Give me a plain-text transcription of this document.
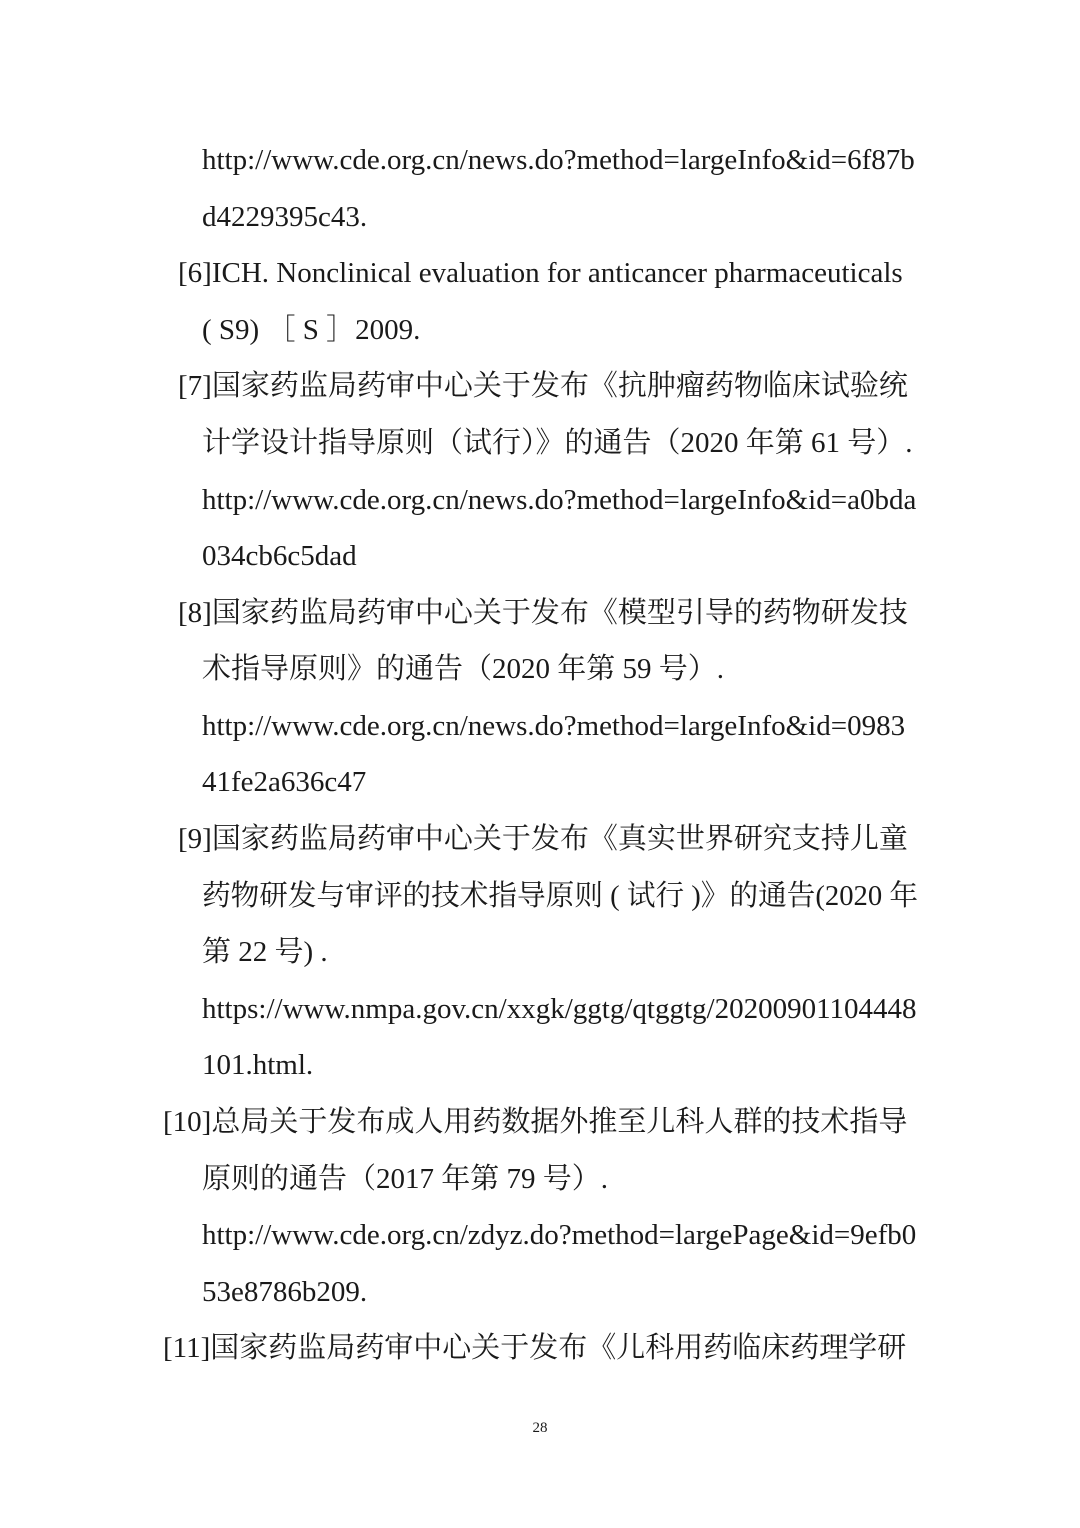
http://www.cde.org.cn/news.do?method=largeInfo&id=6f87b
d4229395c43.
[6]ICH. Nonclinical evaluation for anticancer pharmaceuticals
( S9) ［ S ］2009.
[7]国家药监局药审中心关于发布《抗肿瘤药物临床试验统
计学设计指导原则（试行）》的通告（2020 年第 61 号）.
http://www.cde.org.cn/news.do?method=largeInfo&id=a0bda
034cb6c5dad
[8]国家药监局药审中心关于发布《模型引导的药物研发技
术指导原则》的通告（2020 年第 59 号）.
http://www.cde.org.cn/news.do?method=largeInfo&id=0983
41fe2a636c47
[9]国家药监局药审中心关于发布《真实世界研究支持儿童
药物研发与审评的技术指导原则 ( 试行 )》的通告(2020 年
第 22 号) .
https://www.nmpa.gov.cn/xxgk/ggtg/qtggtg/20200901104448
101.html.
[10]总局关于发布成人用药数据外推至儿科人群的技术指导
原则的通告（2017 年第 79 号）.
http://www.cde.org.cn/zdyz.do?method=largePage&id=9efb0
53e8786b209.
[11]国家药监局药审中心关于发布《儿科用药临床药理学研
28
